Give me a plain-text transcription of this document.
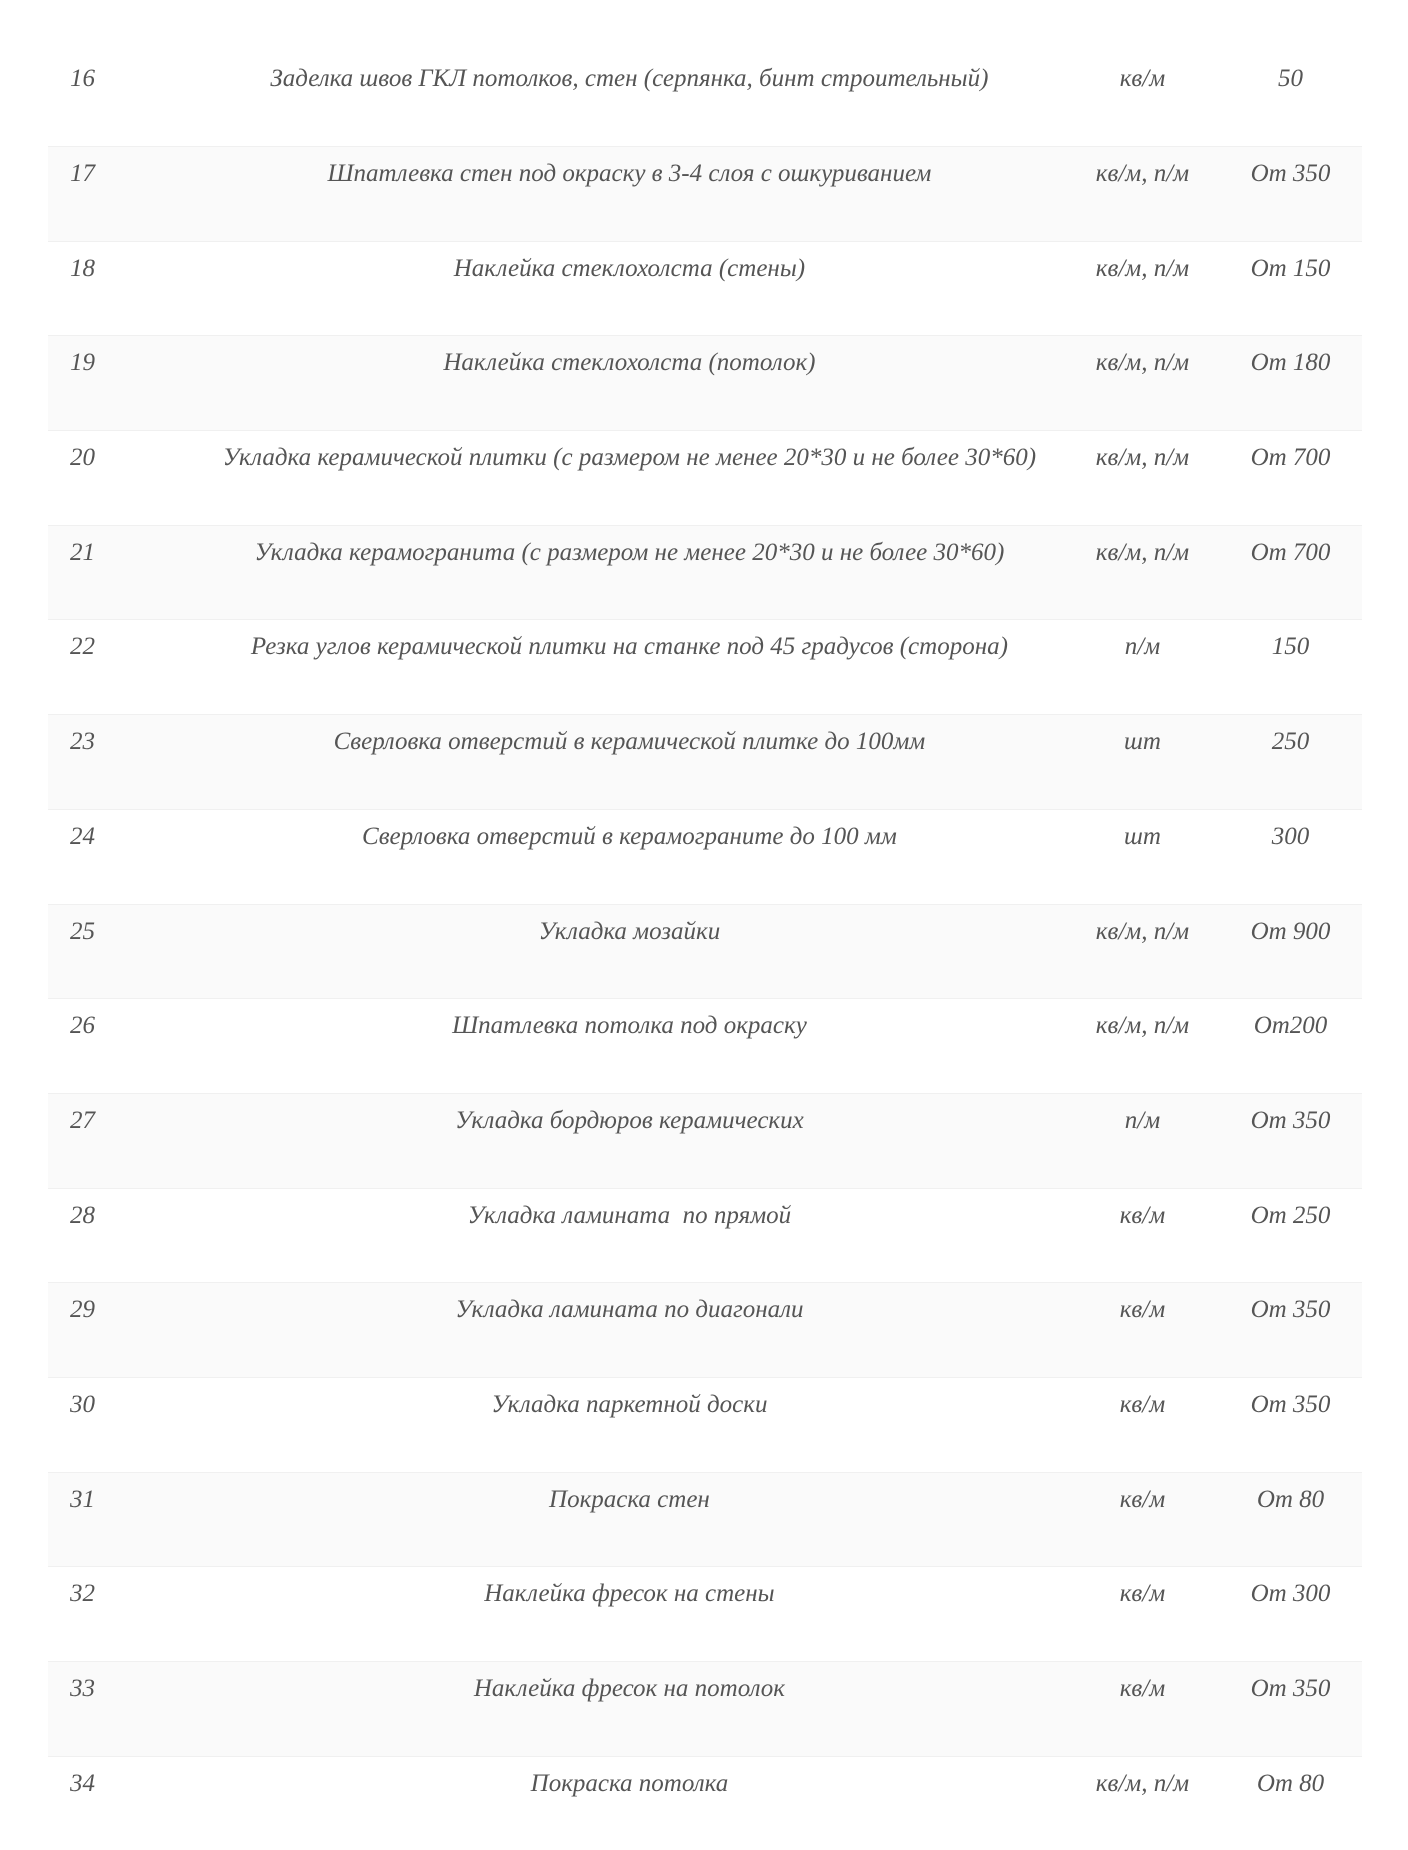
16	Заделка швов ГКЛ потолков, стен (серпянка, бинт строительный)	кв/м	50

17	Шпатлевка стен под окраску в 3-4 слоя с ошкуриванием	кв/м, п/м	От 350

18	Наклейка стеклохолста (стены)	кв/м, п/м	От 150

19	Наклейка стеклохолста (потолок)	кв/м, п/м	От 180

20	Укладка керамической плитки (с размером не менее 20*30 и не более 30*60)	кв/м, п/м	От 700

21	Укладка керамогранита (с размером не менее 20*30 и не более 30*60)	кв/м, п/м	От 700

22	Резка углов керамической плитки на станке под 45 градусов (сторона)	п/м	150

23	Сверловка отверстий в керамической плитке до 100мм	шт	250

24	Сверловка отверстий в керамограните до 100 мм	шт	300

25	Укладка мозайки	кв/м, п/м	От 900

26	Шпатлевка потолка под окраску	кв/м, п/м	От200

27	Укладка бордюров керамических	п/м	От 350

28	Укладка ламината  по прямой	кв/м	От 250

29	Укладка ламината по диагонали	кв/м	От 350

30	Укладка паркетной доски	кв/м	От 350

31	Покраска стен	кв/м	От 80

32	Наклейка фресок на стены	кв/м	От 300

33	Наклейка фресок на потолок	кв/м	От 350

34	Покраска потолка	кв/м, п/м	От 80
